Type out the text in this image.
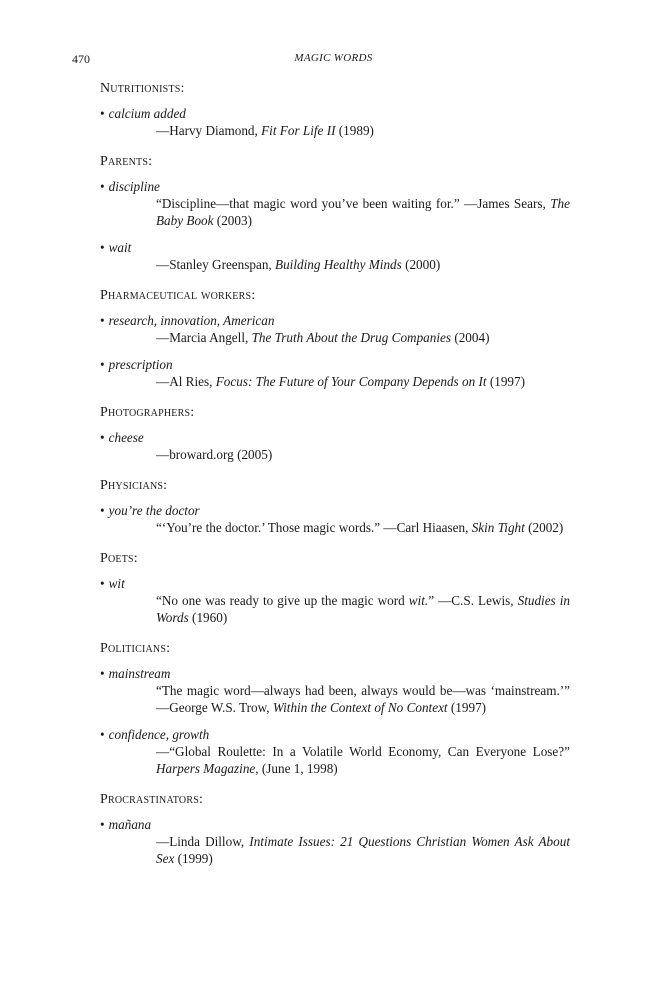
470	MAGIC WORDS
Nutritionists:
• calcium added
—Harvy Diamond, Fit For Life II (1989)
Parents:
• discipline
“Discipline—that magic word you’ve been waiting for.” —James Sears, The Baby Book (2003)
• wait
—Stanley Greenspan, Building Healthy Minds (2000)
Pharmaceutical workers:
• research, innovation, American
—Marcia Angell, The Truth About the Drug Companies (2004)
• prescription
—Al Ries, Focus: The Future of Your Company Depends on It (1997)
Photographers:
• cheese
—broward.org (2005)
Physicians:
• you’re the doctor
“‘You’re the doctor.’ Those magic words.” —Carl Hiaasen, Skin Tight (2002)
Poets:
• wit
“No one was ready to give up the magic word wit.” —C.S. Lewis, Studies in Words (1960)
Politicians:
• mainstream
“The magic word—always had been, always would be—was ‘mainstream.’” —George W.S. Trow, Within the Context of No Context (1997)
• confidence, growth
—“Global Roulette: In a Volatile World Economy, Can Everyone Lose?” Harpers Magazine, (June 1, 1998)
Procrastinators:
• mañana
—Linda Dillow, Intimate Issues: 21 Questions Christian Women Ask About Sex (1999)
